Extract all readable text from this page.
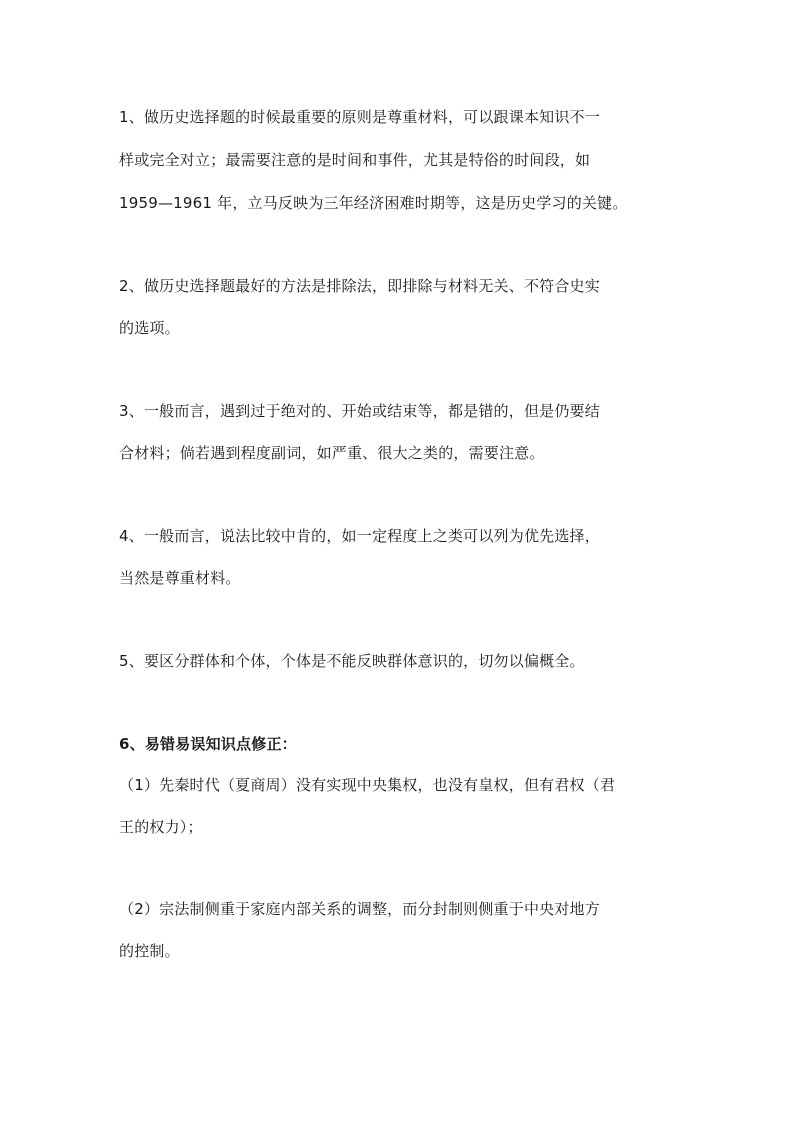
1、做历史选择题的时候最重要的原则是尊重材料，可以跟课本知识不一
样或完全对立；最需要注意的是时间和事件，尤其是特俗的时间段，如
1959—1961 年，立马反映为三年经济困难时期等，这是历史学习的关键。
2、做历史选择题最好的方法是排除法，即排除与材料无关、不符合史实
的选项。
3、一般而言，遇到过于绝对的、开始或结束等，都是错的，但是仍要结
合材料；倘若遇到程度副词，如严重、很大之类的，需要注意。
4、一般而言，说法比较中肯的，如一定程度上之类可以列为优先选择，
当然是尊重材料。
5、要区分群体和个体，个体是不能反映群体意识的，切勿以偏概全。
6、易错易误知识点修正：
（1）先秦时代（夏商周）没有实现中央集权，也没有皇权，但有君权（君
王的权力）；
（2）宗法制侧重于家庭内部关系的调整，而分封制则侧重于中央对地方
的控制。
